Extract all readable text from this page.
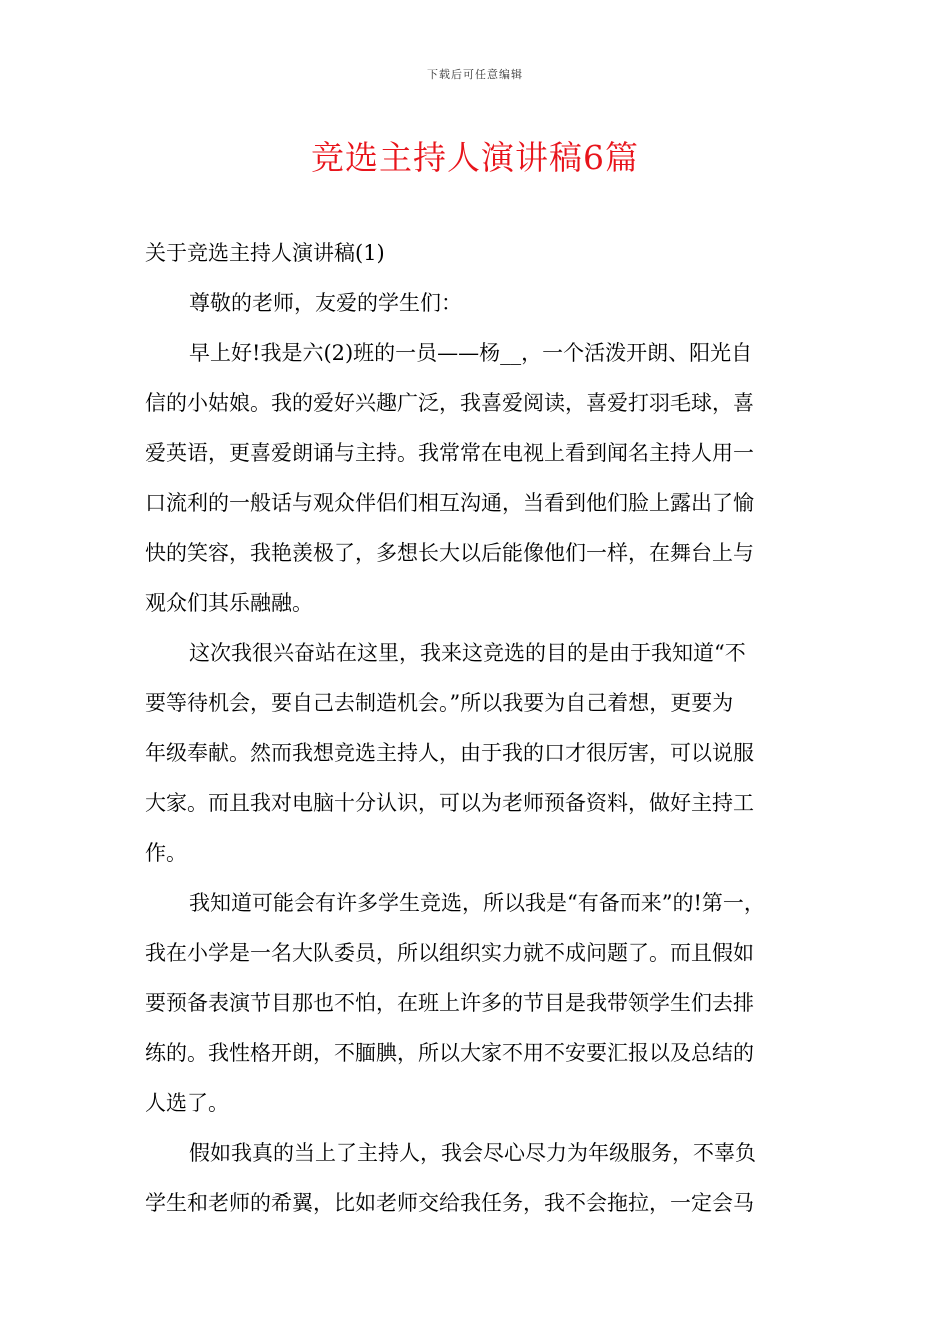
下载后可任意编辑
竞选主持人演讲稿6篇
关于竞选主持人演讲稿(1)
尊敬的老师，友爱的学生们：
早上好!我是六(2)班的一员——杨__，一个活泼开朗、阳光自
信的小姑娘。我的爱好兴趣广泛，我喜爱阅读，喜爱打羽毛球，喜
爱英语，更喜爱朗诵与主持。我常常在电视上看到闻名主持人用一
口流利的一般话与观众伴侣们相互沟通，当看到他们脸上露出了愉
快的笑容，我艳羡极了，多想长大以后能像他们一样，在舞台上与
观众们其乐融融。
这次我很兴奋站在这里，我来这竞选的目的是由于我知道“不
要等待机会，要自己去制造机会。”所以我要为自己着想，更要为
年级奉献。然而我想竞选主持人，由于我的口才很厉害，可以说服
大家。而且我对电脑十分认识，可以为老师预备资料，做好主持工
作。
我知道可能会有许多学生竞选，所以我是“有备而来”的!第一，
我在小学是一名大队委员，所以组织实力就不成问题了。而且假如
要预备表演节目那也不怕，在班上许多的节目是我带领学生们去排
练的。我性格开朗，不腼腆，所以大家不用不安要汇报以及总结的
人选了。
假如我真的当上了主持人，我会尽心尽力为年级服务，不辜负
学生和老师的希翼，比如老师交给我任务，我不会拖拉，一定会马
